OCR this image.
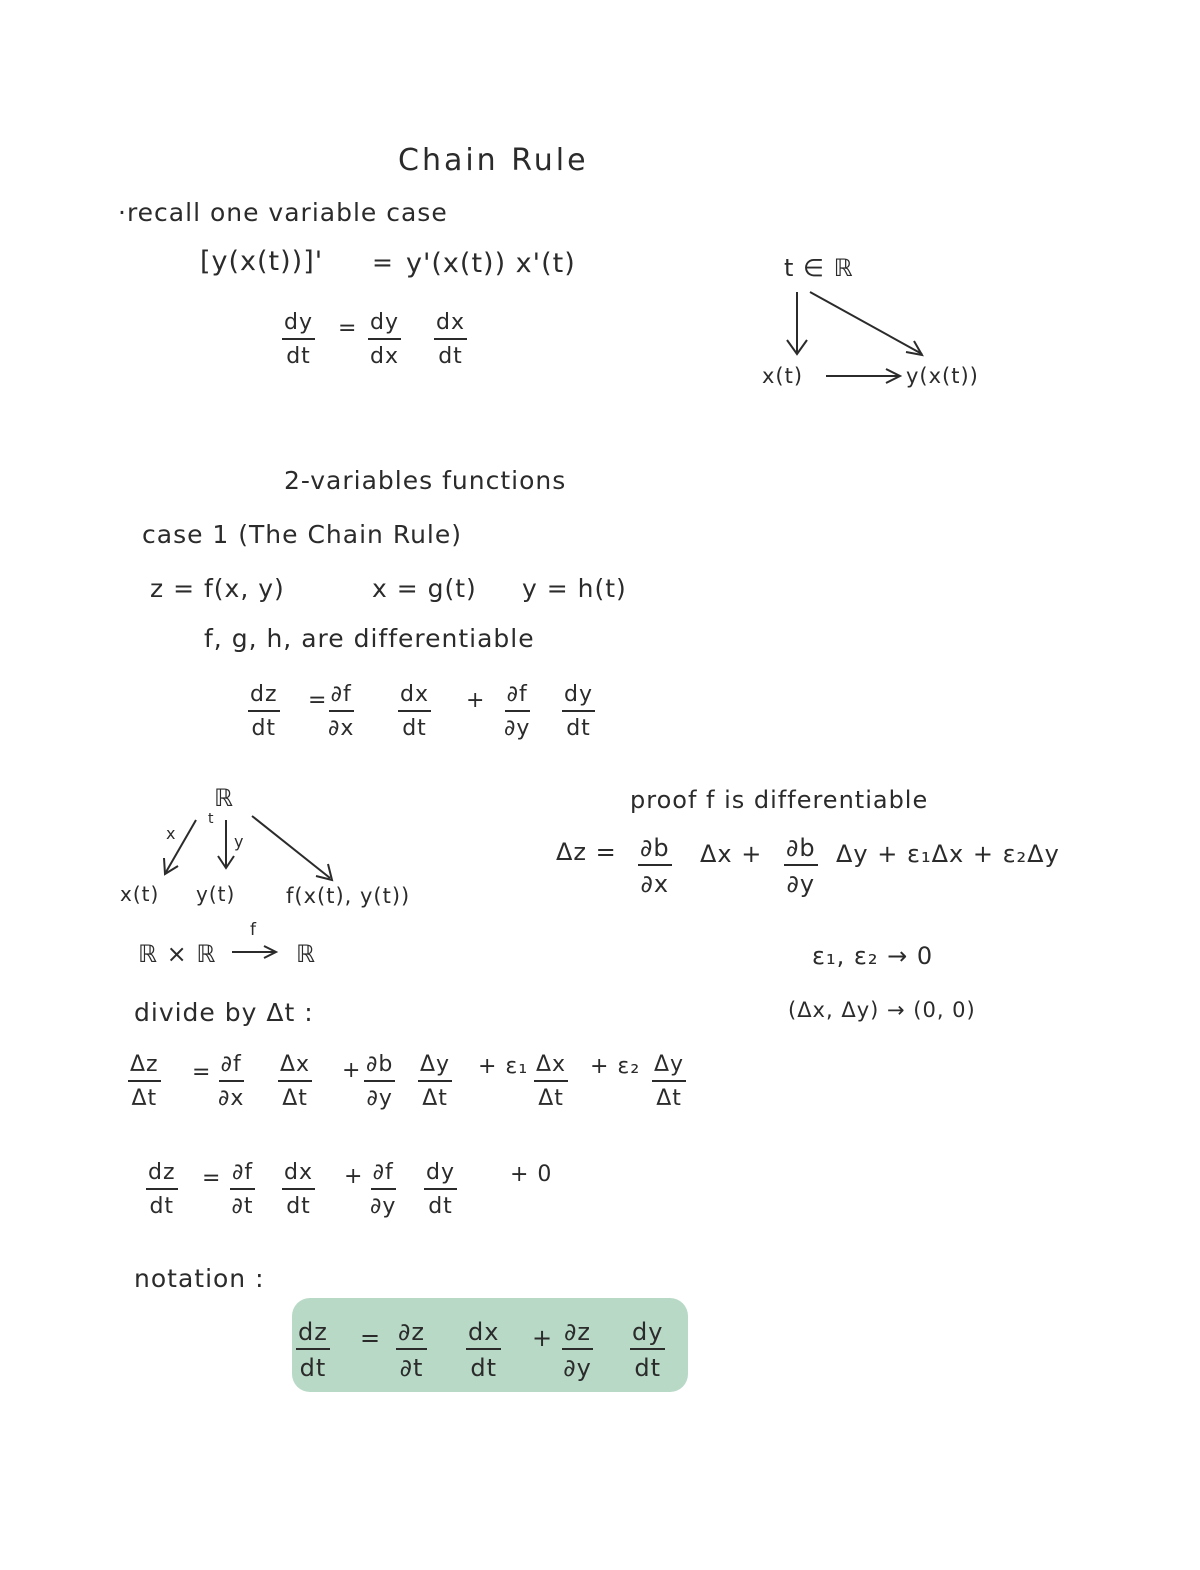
Chain Rule
·recall one variable case
[y(x(t))]' = y'(x(t)) x'(t)
$\frac{dy}{dt} = \frac{dy}{dx} \frac{dx}{dt}$
t ∈ ℝ
x(t)	y(x(t))
2-variables functions
case 1 (The Chain Rule)
z = f(x, y)	x = g(t) y = h(t)
f, g, h, are differentiable
$\frac{dz}{dt} = \frac{\partial f}{\partial x} \frac{dx}{dt} + \frac{\partial f}{\partial y} \frac{dy}{dt}$
ℝ
x
t
y
x(t) y(t) f(x(t), y(t))
ℝ × ℝ
f
ℝ
proof f is differentiable
$\Delta z = \frac{\partial b}{\partial x}$ $\Delta x + \frac{\partial b}{\partial y}$ Δy + ε₁Δx + ε₂Δy
ε₁, ε₂ → 0
(Δx, Δy) → (0, 0)
divide by Δt :
$\frac{\Delta z}{\Delta t} = \frac{\partial f}{\partial x} \frac{\Delta x}{\Delta t} + \frac{\partial b}{\partial y} \frac{\Delta y}{\Delta t} + \varepsilon_1 \frac{\Delta x}{\Delta t} + \varepsilon_2 \frac{\Delta y}{\Delta t}$
$\frac{dz}{dt} = \frac{\partial f}{\partial t} \frac{dx}{dt} + \frac{\partial f}{\partial y} \frac{dy}{dt} + 0$
notation :
$\frac{dz}{dt} = \frac{\partial z}{\partial t} \frac{dx}{dt} + \frac{\partial z}{\partial y} \frac{dy}{dt}$
